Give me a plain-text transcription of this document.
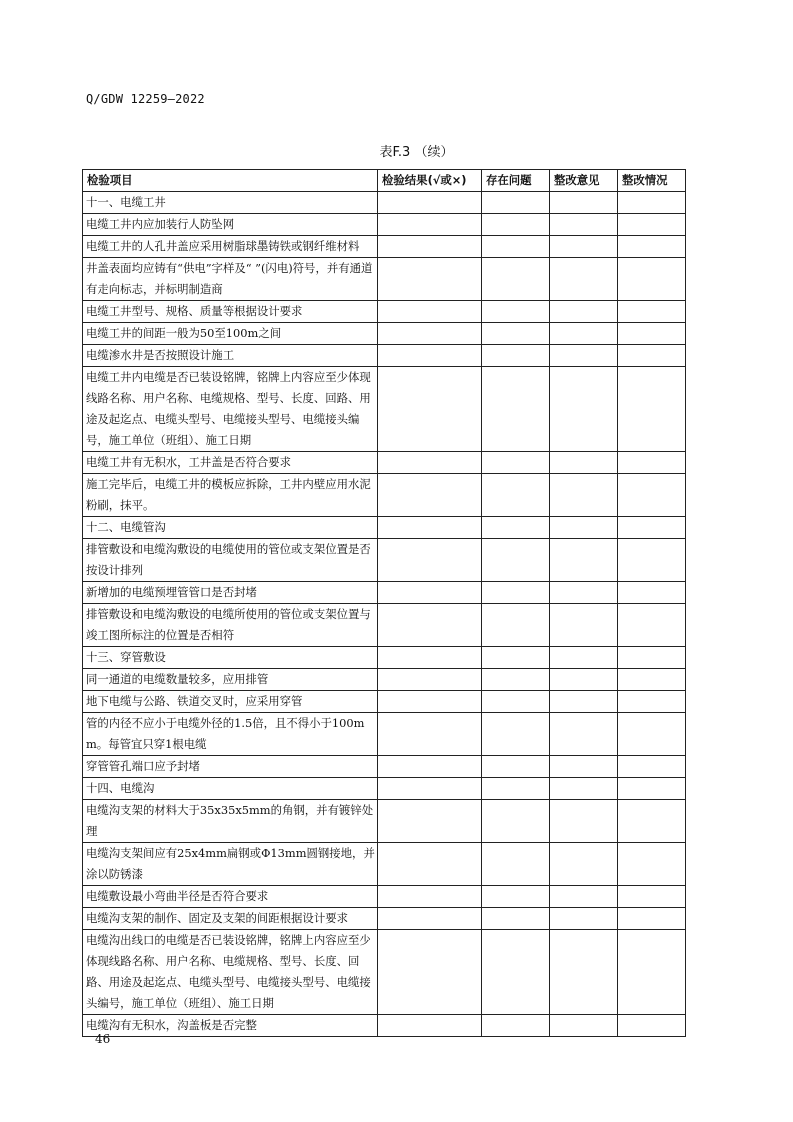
Q/GDW 12259—2022
表F.3 （续）
检验项目	检验结果(√或×)	存在问题	整改意见	整改情况
十一、电缆工井				
电缆工井内应加装行人防坠网				
电缆工井的人孔井盖应采用树脂球墨铸铁或钢纤维材料				
井盖表面均应铸有“供电”字样及“ ”(闪电)符号，并有通道有走向标志，并标明制造商				
电缆工井型号、规格、质量等根据设计要求				
电缆工井的间距一般为50至100m之间				
电缆渗水井是否按照设计施工				
电缆工井内电缆是否已装设铭牌，铭牌上内容应至少体现线路名称、用户名称、电缆规格、型号、长度、回路、用途及起迄点、电缆头型号、电缆接头型号、电缆接头编号，施工单位（班组）、施工日期				
电缆工井有无积水，工井盖是否符合要求				
施工完毕后，电缆工井的模板应拆除，工井内壁应用水泥粉刷，抹平。				
十二、电缆管沟				
排管敷设和电缆沟敷设的电缆使用的管位或支架位置是否按设计排列				
新增加的电缆预埋管管口是否封堵				
排管敷设和电缆沟敷设的电缆所使用的管位或支架位置与竣工图所标注的位置是否相符				
十三、穿管敷设				
同一通道的电缆数量较多，应用排管				
地下电缆与公路、铁道交叉时，应采用穿管				
管的内径不应小于电缆外径的1.5倍，且不得小于100mm。每管宜只穿1根电缆				
穿管管孔端口应予封堵				
十四、电缆沟				
电缆沟支架的材料大于35x35x5mm的角钢，并有镀锌处理				
电缆沟支架间应有25x4mm扁钢或Φ13mm圆钢接地，并涂以防锈漆				
电缆敷设最小弯曲半径是否符合要求				
电缆沟支架的制作、固定及支架的间距根据设计要求				
电缆沟出线口的电缆是否已装设铭牌，铭牌上内容应至少体现线路名称、用户名称、电缆规格、型号、长度、回路、用途及起迄点、电缆头型号、电缆接头型号、电缆接头编号，施工单位（班组）、施工日期				
电缆沟有无积水，沟盖板是否完整				
46
